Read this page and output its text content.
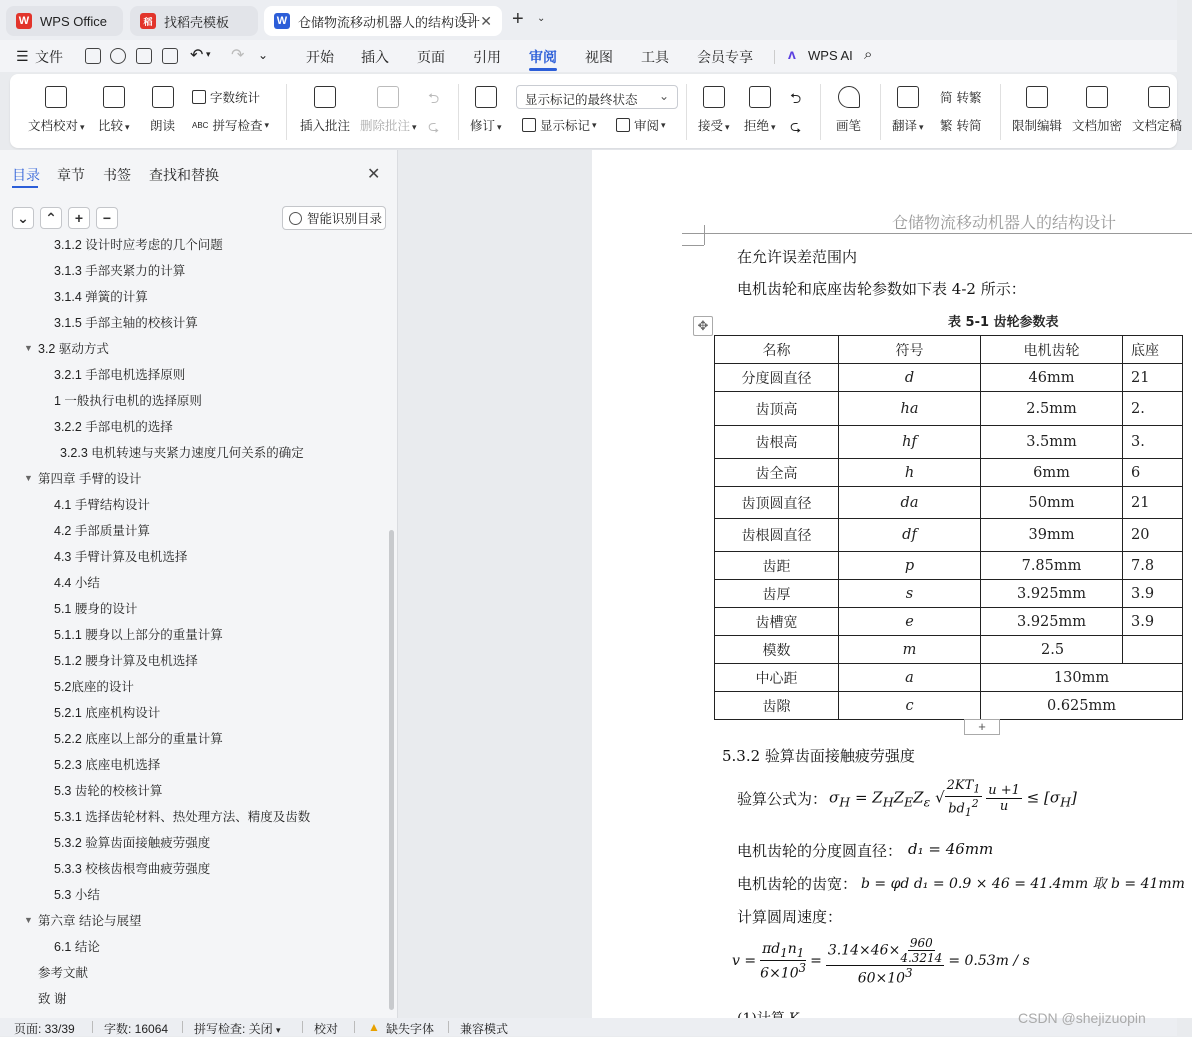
W WPS Office	稻 找稻壳模板	W 仓储物流移动机器人的结构设计 ✕ + ⌄
☰ 文件	↶ ▾ ↷ ⌄	开始 插入 页面 引用 审阅 视图 工具 会员专享	ʌ WPS AI ⌕
文档校对 ▾ 比较 ▾ 朗读
字数统计
ABC 拼写检查 ▾ 插入批注 删除批注 ▾
⮌
⮎ 修订 ▾
显示标记的最终状态 ⌄
显示标记 ▾	审阅 ▾	接受 ▾ 拒绝 ▾
⮌
⮎	画笔 翻译 ▾
简 转繁
繁 转简 限制编辑 文档加密 文档定稿
目录 章节 书签 查找和替换	✕
⌄	⌃	+	−	智能识别目录
3.1.2 设计时应考虑的几个问题
3.1.3 手部夹紧力的计算
3.1.4 弹簧的计算
3.1.5 手部主轴的校核计算
▼ 3.2 驱动方式
3.2.1 手部电机选择原则
1 一般执行电机的选择原则
3.2.2 手部电机的选择
3.2.3 电机转速与夹紧力速度几何关系的确定
▼ 第四章 手臂的设计
4.1 手臂结构设计
4.2 手部质量计算
4.3 手臂计算及电机选择
4.4 小结
5.1 腰身的设计
5.1.1 腰身以上部分的重量计算
5.1.2 腰身计算及电机选择
5.2底座的设计
5.2.1 底座机构设计
5.2.2 底座以上部分的重量计算
5.2.3 底座电机选择
5.3 齿轮的校核计算
5.3.1 选择齿轮材料、热处理方法、精度及齿数
5.3.2 验算齿面接触疲劳强度
5.3.3 校核齿根弯曲疲劳强度
5.3 小结
▼ 第六章 结论与展望
6.1 结论
参考文献
致 谢
仓储物流移动机器人的结构设计
在允许误差范围内
电机齿轮和底座齿轮参数如下表 4-2 所示：
✥	表 5-1 齿轮参数表
名称	符号	电机齿轮	底座
分度圆直径	d	46mm	21
齿顶高	ha	2.5mm	2.
齿根高	hf	3.5mm	3.
齿全高	h	6mm	6
齿顶圆直径	da	50mm	21
齿根圆直径	df	39mm	20
齿距	p	7.85mm	7.8
齿厚	s	3.925mm	3.9
齿槽宽	e	3.925mm	3.9
模数	m	2.5	
中心距	a	130mm	
齿隙	c	0.625mm	
+
5.3.2 验算齿面接触疲劳强度
验算公式为： $\sigma_H = Z_HZ_EZ_\varepsilon$ √ $\frac{2KT_1}{bd_1^2} \frac{u +1}{u} \le [\sigma_H]$
电机齿轮的分度圆直径： d₁ = 46mm
电机齿轮的齿宽： b = φd d₁ = 0.9 × 46 = 41.4mm 取 b = 41mm
计算圆周速度：
$v = \frac{\pi d_1n_1}{6\times 10^3} = \frac{3.14\times 46\times \frac{960}{4.3214}}{60\times 10^3} = 0.53m / s$
页面: 33/39 字数: 16064 拼写检查: 关闭 ▾	校对 ▲ 缺失字体 兼容模式
CSDN @shejizuopin
